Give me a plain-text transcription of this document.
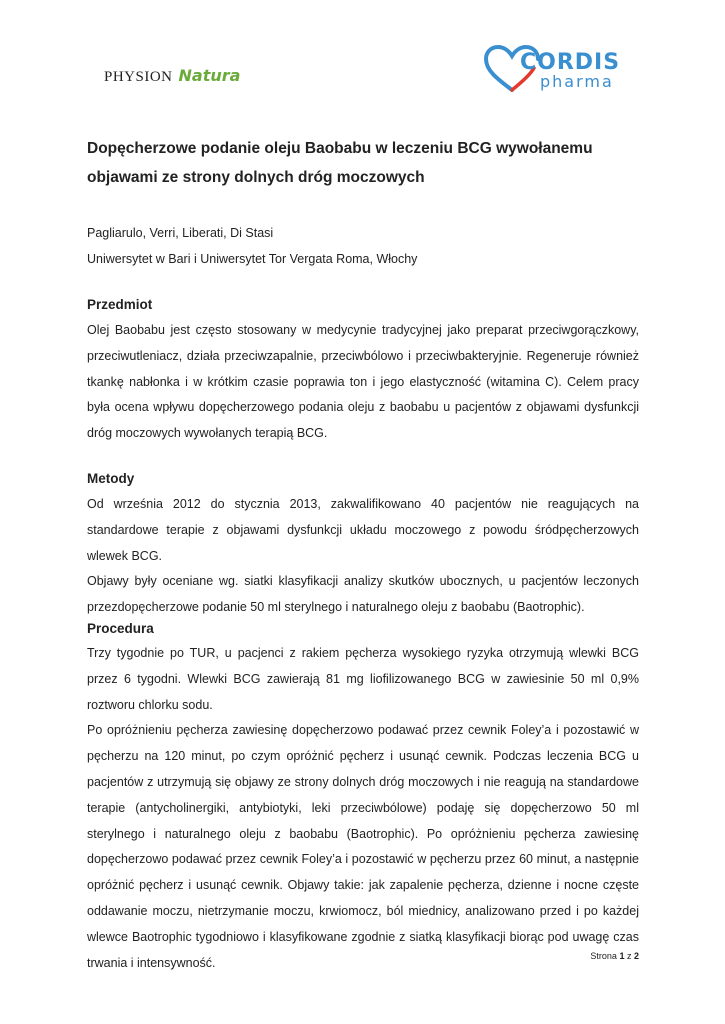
PHYSION Natura
CORDIS
pharma
Dopęcherzowe podanie oleju Baobabu w leczeniu BCG wywołanemu objawami ze strony dolnych dróg moczowych
Pagliarulo, Verri, Liberati, Di Stasi
Uniwersytet w Bari i Uniwersytet Tor Vergata Roma, Włochy
Przedmiot

Olej Baobabu jest często stosowany w medycynie tradycyjnej jako preparat przeciwgorączkowy, przeciwutleniacz, działa przeciwzapalnie, przeciwbólowo i przeciwbakteryjnie. Regeneruje również tkankę nabłonka i w krótkim czasie poprawia ton i jego elastyczność (witamina C). Celem pracy była ocena wpływu dopęcherzowego podania oleju z baobabu u pacjentów z objawami dysfunkcji dróg moczowych wywołanych terapią BCG.

Metody

Od września 2012 do stycznia 2013, zakwalifikowano 40 pacjentów nie reagujących na standardowe terapie z objawami dysfunkcji układu moczowego z powodu śródpęcherzowych wlewek BCG.

Objawy były oceniane wg. siatki klasyfikacji analizy skutków ubocznych, u pacjentów leczonych przezdopęcherzowe podanie 50 ml sterylnego i naturalnego oleju z baobabu (Baotrophic).

Procedura

Trzy tygodnie po TUR, u pacjenci z rakiem pęcherza wysokiego ryzyka otrzymują wlewki BCG przez 6 tygodni. Wlewki BCG zawierają 81 mg liofilizowanego BCG w zawiesinie 50 ml 0,9% roztworu chlorku sodu.

Po opróżnieniu pęcherza zawiesinę dopęcherzowo podawać przez cewnik Foley’a i pozostawić w pęcherzu na 120 minut, po czym opróżnić pęcherz i usunąć cewnik. Podczas leczenia BCG u pacjentów z utrzymują się objawy ze strony dolnych dróg moczowych i nie reagują na standardowe terapie (antycholinergiki, antybiotyki, leki przeciwbólowe) podaję się dopęcherzowo 50 ml sterylnego i naturalnego oleju z baobabu (Baotrophic). Po opróżnieniu pęcherza zawiesinę dopęcherzowo podawać przez cewnik Foley’a i pozostawić w pęcherzu przez 60 minut, a następnie opróżnić pęcherz i usunąć cewnik. Objawy takie: jak zapalenie pęcherza, dzienne i nocne częste oddawanie moczu, nietrzymanie moczu, krwiomocz, ból miednicy, analizowano przed i po każdej wlewce Baotrophic tygodniowo i klasyfikowane zgodnie z siatką klasyfikacji biorąc pod uwagę czas trwania i intensywność.	Strona 1 z 2
